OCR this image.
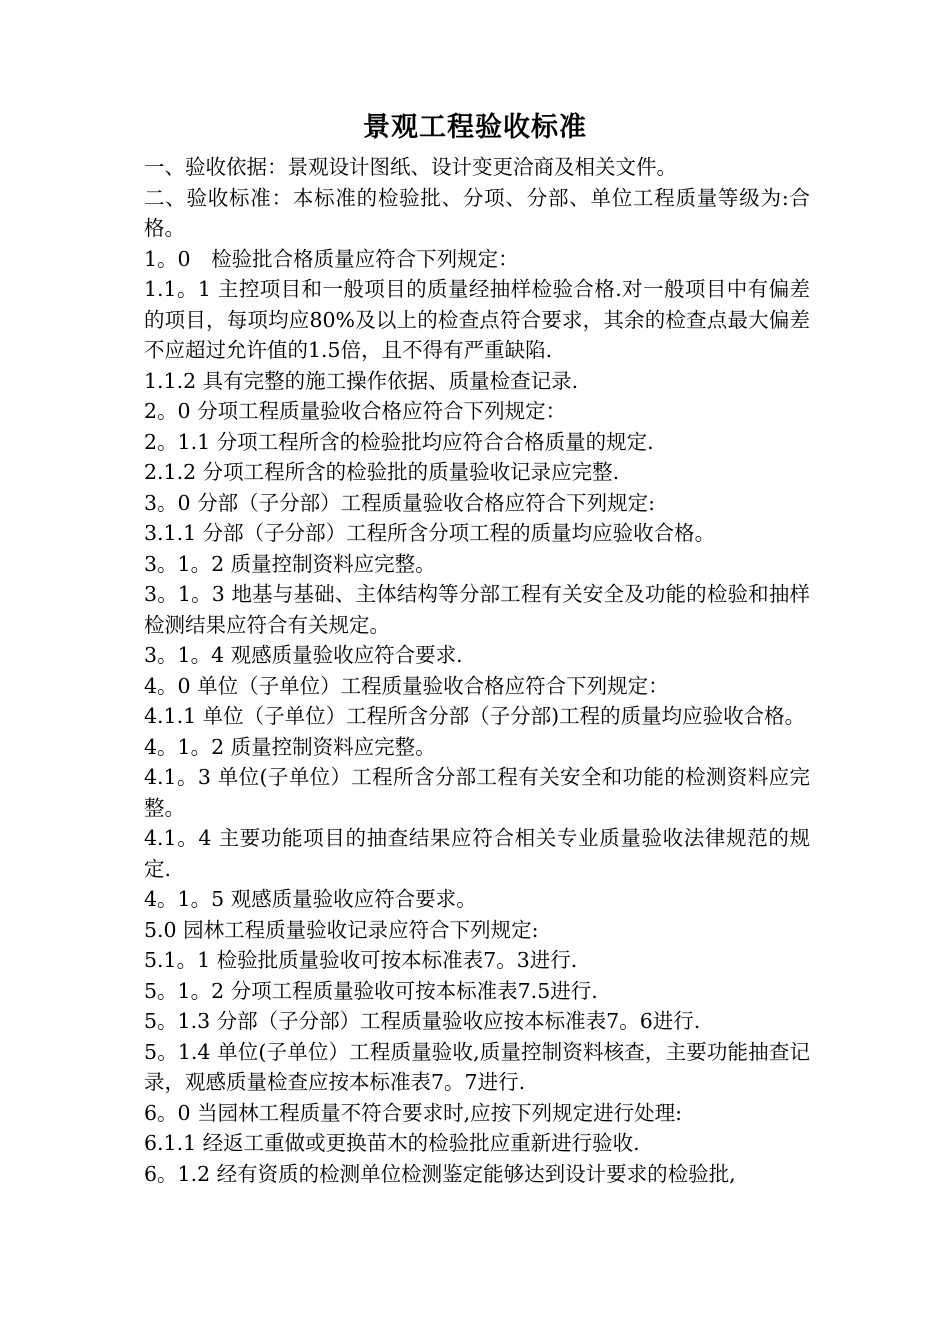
景观工程验收标准

一、验收依据：景观设计图纸、设计变更洽商及相关文件。

二、验收标准：本标准的检验批、分项、分部、单位工程质量等级为:合格。

1。0　检验批合格质量应符合下列规定：

1.1。1 主控项目和一般项目的质量经抽样检验合格.对一般项目中有偏差的项目，每项均应80%及以上的检查点符合要求，其余的检查点最大偏差不应超过允许值的1.5倍，且不得有严重缺陷.

1.1.2 具有完整的施工操作依据、质量检查记录.

2。0 分项工程质量验收合格应符合下列规定：

2。1.1 分项工程所含的检验批均应符合合格质量的规定.

2.1.2 分项工程所含的检验批的质量验收记录应完整.

3。0 分部（子分部）工程质量验收合格应符合下列规定:

3.1.1 分部（子分部）工程所含分项工程的质量均应验收合格。

3。1。2 质量控制资料应完整。

3。1。3 地基与基础、主体结构等分部工程有关安全及功能的检验和抽样检测结果应符合有关规定。

3。1。4 观感质量验收应符合要求.

4。0 单位（子单位）工程质量验收合格应符合下列规定：

4.1.1 单位（子单位）工程所含分部（子分部)工程的质量均应验收合格。

4。1。2 质量控制资料应完整。

4.1。3 单位(子单位）工程所含分部工程有关安全和功能的检测资料应完整。

4.1。4 主要功能项目的抽查结果应符合相关专业质量验收法律规范的规定.

4。1。5 观感质量验收应符合要求。

5.0 园林工程质量验收记录应符合下列规定:

5.1。1 检验批质量验收可按本标准表7。3进行.

5。1。2 分项工程质量验收可按本标准表7.5进行.

5。1.3 分部（子分部）工程质量验收应按本标准表7。6进行.

5。1.4 单位(子单位）工程质量验收,质量控制资料核查，主要功能抽查记录，观感质量检查应按本标准表7。7进行.

6。0 当园林工程质量不符合要求时,应按下列规定进行处理:

6.1.1 经返工重做或更换苗木的检验批应重新进行验收.

6。1.2 经有资质的检测单位检测鉴定能够达到设计要求的检验批,
